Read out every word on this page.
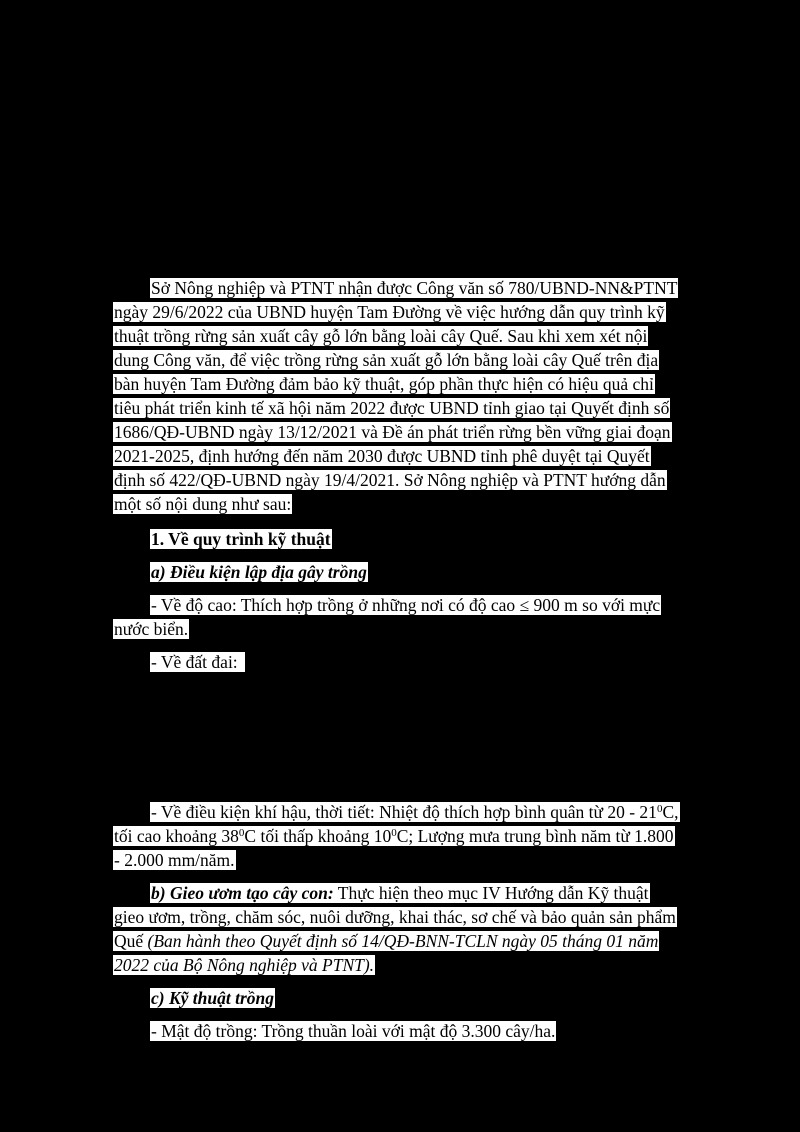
Sở Nông nghiệp và PTNT nhận được Công văn số 780/UBND-NN&PTNT
ngày 29/6/2022 của UBND huyện Tam Đường về việc hướng dẫn quy trình kỹ
thuật trồng rừng sản xuất cây gỗ lớn bằng loài cây Quế. Sau khi xem xét nội
dung Công văn, để việc trồng rừng sản xuất gỗ lớn bằng loài cây Quế trên địa
bàn huyện Tam Đường đảm bảo kỹ thuật, góp phần thực hiện có hiệu quả chỉ
tiêu phát triển kinh tế xã hội năm 2022 được UBND tỉnh giao tại Quyết định số
1686/QĐ-UBND ngày 13/12/2021 và Đề án phát triển rừng bền vững giai đoạn
2021-2025, định hướng đến năm 2030 được UBND tỉnh phê duyệt tại Quyết
định số 422/QĐ-UBND ngày 19/4/2021. Sở Nông nghiệp và PTNT hướng dẫn
một số nội dung như sau:
1. Về quy trình kỹ thuật
a) Điều kiện lập địa gây trồng
- Về độ cao: Thích hợp trồng ở những nơi có độ cao ≤ 900 m so với mực
nước biển.
- Về đất đai:
- Về điều kiện khí hậu, thời tiết: Nhiệt độ thích hợp bình quân từ $20 - 21^0C$,
tối cao khoảng $38^0C$ tối thấp khoảng $10^0C$; Lượng mưa trung bình năm từ 1.800
- 2.000 mm/năm.
b) Gieo ươm tạo cây con: Thực hiện theo mục IV Hướng dẫn Kỹ thuật
gieo ươm, trồng, chăm sóc, nuôi dưỡng, khai thác, sơ chế và bảo quản sản phẩm
Quế (Ban hành theo Quyết định số 14/QĐ-BNN-TCLN ngày 05 tháng 01 năm
2022 của Bộ Nông nghiệp và PTNT).
c) Kỹ thuật trồng
- Mật độ trồng: Trồng thuần loài với mật độ 3.300 cây/ha.
